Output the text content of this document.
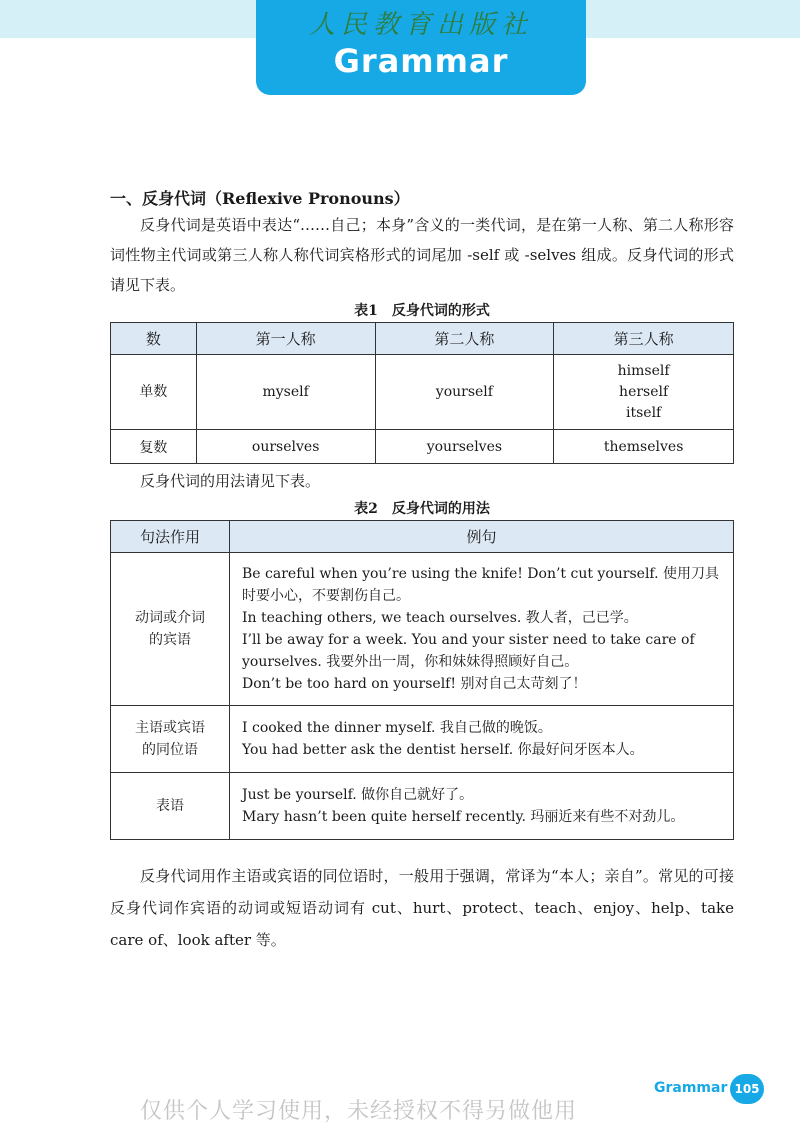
人民教育出版社
Grammar
一、反身代词（Reflexive Pronouns）
反身代词是英语中表达“……自己；本身”含义的一类代词，是在第一人称、第二人称形容词性物主代词或第三人称人称代词宾格形式的词尾加 -self 或 -selves 组成。反身代词的形式请见下表。
表1　反身代词的形式
数	第一人称	第二人称	第三人称
单数	myself	yourself	himself
herself
itself

复数	ourselves	yourselves	themselves
反身代词的用法请见下表。
表2　反身代词的用法
句法作用	例句

动词或介词
的宾语	Be careful when you’re using the knife! Don’t cut yourself. 使用刀具时要小心，不要割伤自己。
In teaching others, we teach ourselves. 教人者，己已学。
I’ll be away for a week. You and your sister need to take care of yourselves. 我要外出一周，你和妹妹得照顾好自己。
Don’t be too hard on yourself! 别对自己太苛刻了！

主语或宾语
的同位语	I cooked the dinner myself. 我自己做的晚饭。
You had better ask the dentist herself. 你最好问牙医本人。

表语	Just be yourself. 做你自己就好了。
Mary hasn’t been quite herself recently. 玛丽近来有些不对劲儿。
反身代词用作主语或宾语的同位语时，一般用于强调，常译为“本人；亲自”。常见的可接反身代词作宾语的动词或短语动词有 cut、hurt、protect、teach、enjoy、help、take care of、look after 等。
Grammar 105
仅供个人学习使用，未经授权不得另做他用
